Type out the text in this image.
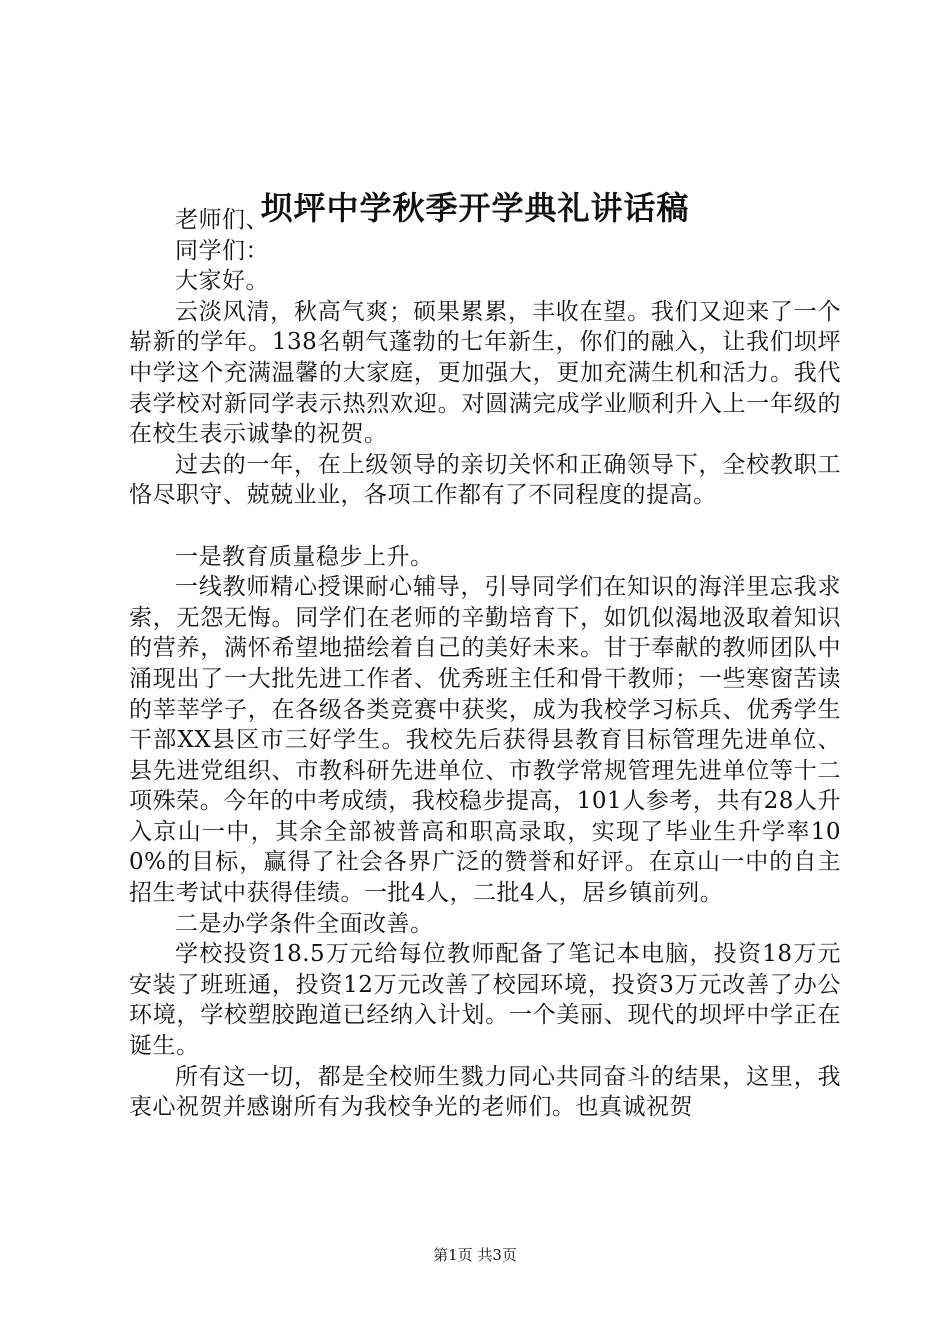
坝坪中学秋季开学典礼讲话稿

老师们、

同学们：

大家好。

云淡风清，秋高气爽；硕果累累，丰收在望。我们又迎来了一个崭新的学年。138名朝气蓬勃的七年新生，你们的融入，让我们坝坪中学这个充满温馨的大家庭，更加强大，更加充满生机和活力。我代表学校对新同学表示热烈欢迎。对圆满完成学业顺利升入上一年级的在校生表示诚挚的祝贺。

过去的一年，在上级领导的亲切关怀和正确领导下，全校教职工恪尽职守、兢兢业业，各项工作都有了不同程度的提高。

一是教育质量稳步上升。

一线教师精心授课耐心辅导，引导同学们在知识的海洋里忘我求索，无怨无悔。同学们在老师的辛勤培育下，如饥似渴地汲取着知识的营养，满怀希望地描绘着自己的美好未来。甘于奉献的教师团队中涌现出了一大批先进工作者、优秀班主任和骨干教师；一些寒窗苦读的莘莘学子，在各级各类竞赛中获奖，成为我校学习标兵、优秀学生干部XX县区市三好学生。我校先后获得县教育目标管理先进单位、县先进党组织、市教科研先进单位、市教学常规管理先进单位等十二项殊荣。今年的中考成绩，我校稳步提高，101人参考，共有28人升入京山一中，其余全部被普高和职高录取，实现了毕业生升学率100%的目标，赢得了社会各界广泛的赞誉和好评。在京山一中的自主招生考试中获得佳绩。一批4人，二批4人，居乡镇前列。

二是办学条件全面改善。

学校投资18.5万元给每位教师配备了笔记本电脑，投资18万元安装了班班通，投资12万元改善了校园环境，投资3万元改善了办公环境，学校塑胶跑道已经纳入计划。一个美丽、现代的坝坪中学正在诞生。

所有这一切，都是全校师生戮力同心共同奋斗的结果，这里，我衷心祝贺并感谢所有为我校争光的老师们。也真诚祝贺

第1页 共3页
